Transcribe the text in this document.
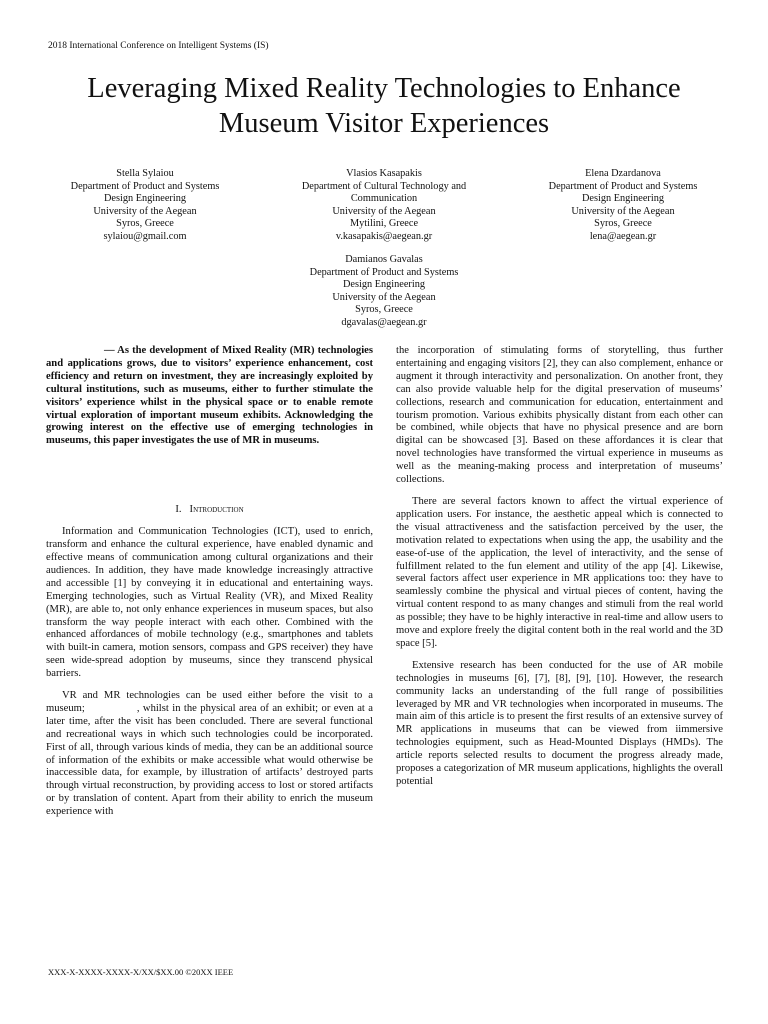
2018 International Conference on Intelligent Systems (IS)
Leveraging Mixed Reality Technologies to Enhance
Museum Visitor Experiences
Stella Sylaiou
Department of Product and Systems
Design Engineering
University of the Aegean
Syros, Greece
sylaiou@gmail.com
Vlasios Kasapakis
Department of Cultural Technology and
Communication
University of the Aegean
Mytilini, Greece
v.kasapakis@aegean.gr
Elena Dzardanova
Department of Product and Systems
Design Engineering
University of the Aegean
Syros, Greece
lena@aegean.gr
Damianos Gavalas
Department of Product and Systems
Design Engineering
University of the Aegean
Syros, Greece
dgavalas@aegean.gr

— As the development of Mixed Reality (MR) technologies and applications grows, due to visitors’ experience enhancement, cost efficiency and return on investment, they are increasingly exploited by cultural institutions, such as museums, either to further stimulate the visitors’ experience whilst in the physical space or to enable remote virtual exploration of important museum exhibits. Acknowledging the growing interest on the effective use of emerging technologies in museums, this paper investigates the use of MR in museums.

I. Introduction

Information and Communication Technologies (ICT), used to enrich, transform and enhance the cultural experience, have enabled dynamic and effective means of communication among cultural organizations and their audiences. In addition, they have made knowledge increasingly attractive and accessible [1] by conveying it in educational and entertaining ways. Emerging technologies, such as Virtual Reality (VR), and Mixed Reality (MR), are able to, not only enhance experiences in museum spaces, but also transform the way people interact with each other. Combined with the enhanced affordances of mobile technology (e.g., smartphones and tablets with built-in camera, motion sensors, compass and GPS receiver) they have seen wide-spread adoption by museums, since they transcend physical barriers.

VR and MR technologies can be used either before the visit to a museum;	, whilst in the physical area of an exhibit; or even at a later time, after the visit has been concluded. There are several functional and recreational ways in which such technologies could be incorporated. First of all, through various kinds of media, they can be an additional source of information of the exhibits or make accessible what would otherwise be inaccessible data, for example, by illustration of artifacts’ destroyed parts through virtual reconstruction, by providing access to lost or stored artifacts or by translation of content. Apart from their ability to enrich the museum experience with

the incorporation of stimulating forms of storytelling, thus further entertaining and engaging visitors [2], they can also complement, enhance or augment it through interactivity and personalization. On another front, they can also provide valuable help for the digital preservation of museums’ collections, research and communication for education, entertainment and tourism promotion. Various exhibits physically distant from each other can be combined, while objects that have no physical presence and are born digital can be showcased [3]. Based on these affordances it is clear that novel technologies have transformed the virtual experience in museums as well as the meaning-making process and interpretation of museums’ collections.

There are several factors known to affect the virtual experience of application users. For instance, the aesthetic appeal which is connected to the visual attractiveness and the satisfaction perceived by the user, the motivation related to expectations when using the app, the usability and the ease-of-use of the application, the level of interactivity, and the sense of fulfillment related to the fun element and utility of the app [4]. Likewise, several factors affect user experience in MR applications too: they have to seamlessly combine the physical and virtual pieces of content, having the virtual content respond to as many changes and stimuli from the real world as possible; they have to be highly interactive in real-time and allow users to move and explore freely the digital content both in the real world and the 3D space [5].

Extensive research has been conducted for the use of AR mobile technologies in museums [6], [7], [8], [9], [10]. However, the research community lacks an understanding of the full range of possibilities leveraged by MR and VR technologies when incorporated in museums. The main aim of this article is to present the first results of an extensive survey of MR applications in museums that can be viewed from iimmersive technologies equipment, such as Head-Mounted Displays (HMDs). The article reports selected results to document the progress already made, proposes a categorization of MR museum applications, highlights the overall potential

XXX-X-XXXX-XXXX-X/XX/$XX.00 ©20XX IEEE
